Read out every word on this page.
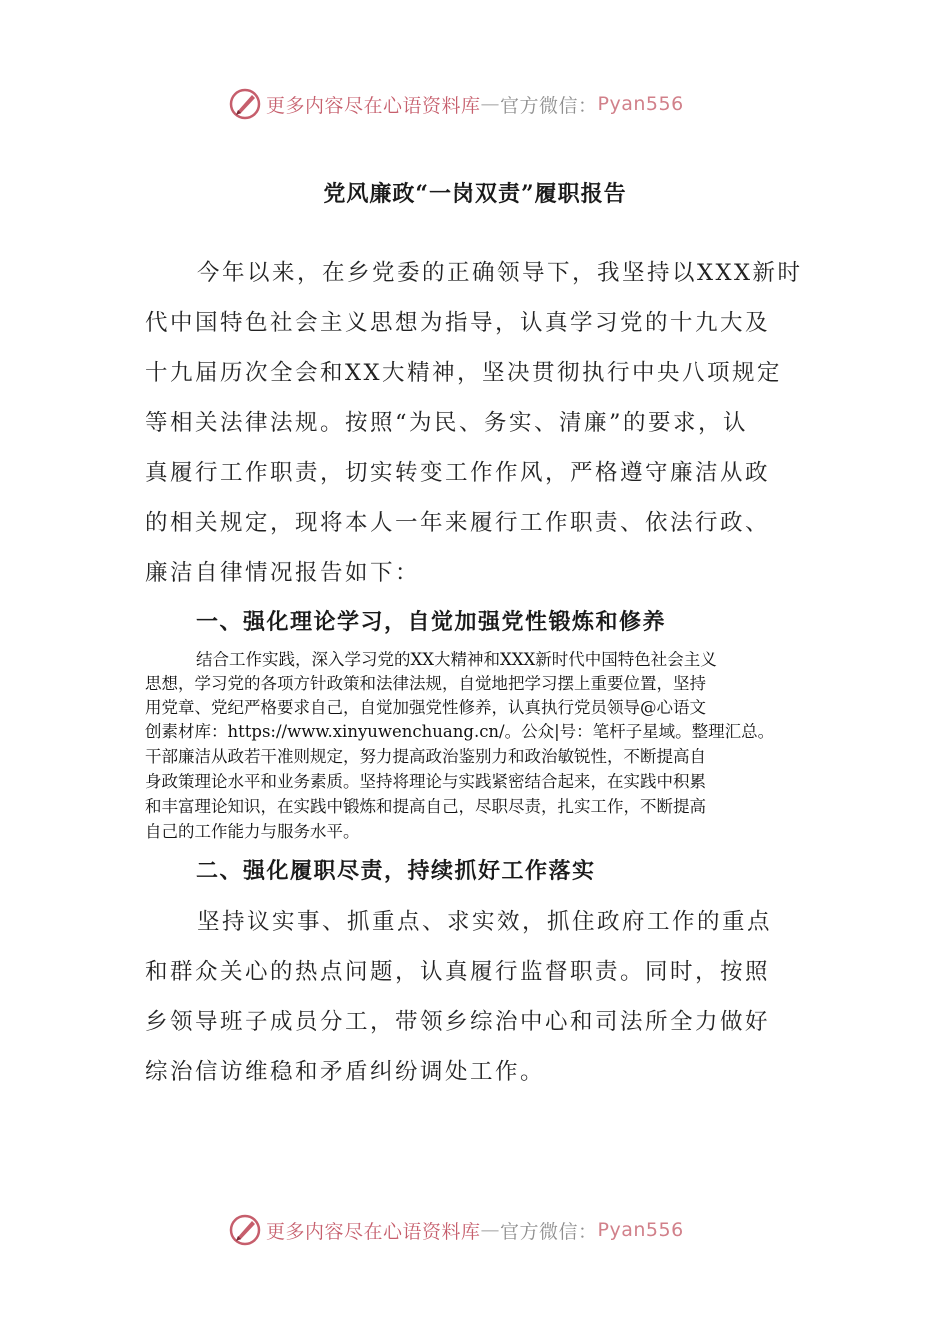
更多内容尽在心语资料库 — 官方微信： Pyan556
党风廉政“一岗双责”履职报告
今年以来，在乡党委的正确领导下，我坚持以XXX新时
代中国特色社会主义思想为指导，认真学习党的十九大及
十九届历次全会和XX大精神，坚决贯彻执行中央八项规定
等相关法律法规。按照“为民、务实、清廉”的要求，认
真履行工作职责，切实转变工作作风，严格遵守廉洁从政
的相关规定，现将本人一年来履行工作职责、依法行政、
廉洁自律情况报告如下：
一、强化理论学习，自觉加强党性锻炼和修养
结合工作实践，深入学习党的XX大精神和XXX新时代中国特色社会主义
思想，学习党的各项方针政策和法律法规，自觉地把学习摆上重要位置，坚持
用党章、党纪严格要求自己，自觉加强党性修养，认真执行党员领导@心语文
创素材库：https://www.xinyuwenchuang.cn/。公众|号：笔杆子星域。整理汇总。
干部廉洁从政若干准则规定，努力提高政治鉴别力和政治敏锐性，不断提高自
身政策理论水平和业务素质。坚持将理论与实践紧密结合起来，在实践中积累
和丰富理论知识，在实践中锻炼和提高自己，尽职尽责，扎实工作，不断提高
自己的工作能力与服务水平。
二、强化履职尽责，持续抓好工作落实
坚持议实事、抓重点、求实效，抓住政府工作的重点
和群众关心的热点问题，认真履行监督职责。同时，按照
乡领导班子成员分工，带领乡综治中心和司法所全力做好
综治信访维稳和矛盾纠纷调处工作。
更多内容尽在心语资料库 — 官方微信： Pyan556
